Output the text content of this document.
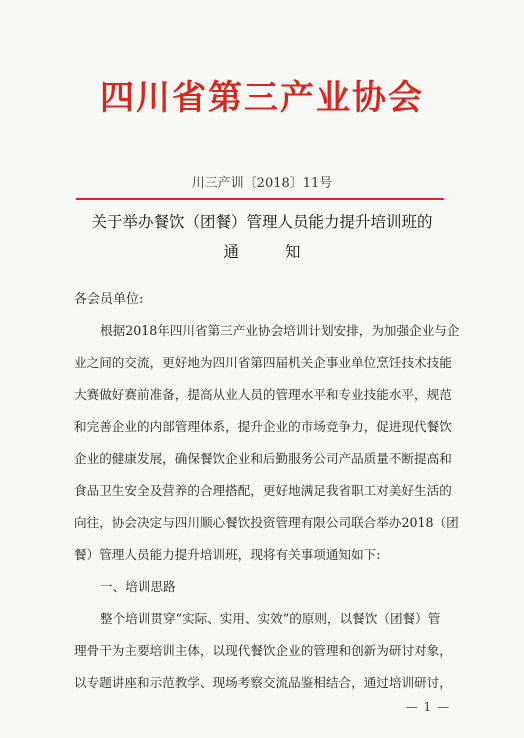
四川省第三产业协会
川三产训〔2018〕11号
关于举办餐饮（团餐）管理人员能力提升培训班的
通知
各会员单位:
根据2018年四川省第三产业协会培训计划安排，为加强企业与企
业之间的交流，更好地为四川省第四届机关企事业单位烹饪技术技能
大赛做好赛前准备，提高从业人员的管理水平和专业技能水平，规范
和完善企业的内部管理体系，提升企业的市场竞争力，促进现代餐饮
企业的健康发展，确保餐饮企业和后勤服务公司产品质量不断提高和
食品卫生安全及营养的合理搭配，更好地满足我省职工对美好生活的
向往，协会决定与四川顺心餐饮投资管理有限公司联合举办2018（团
餐）管理人员能力提升培训班，现将有关事项通知如下:
一、培训思路
整个培训贯穿“实际、实用、实效”的原则，以餐饮（团餐）管
理骨干为主要培训主体，以现代餐饮企业的管理和创新为研讨对象，
以专题讲座和示范教学、现场考察交流品鉴相结合，通过培训研讨，
— 1 —
